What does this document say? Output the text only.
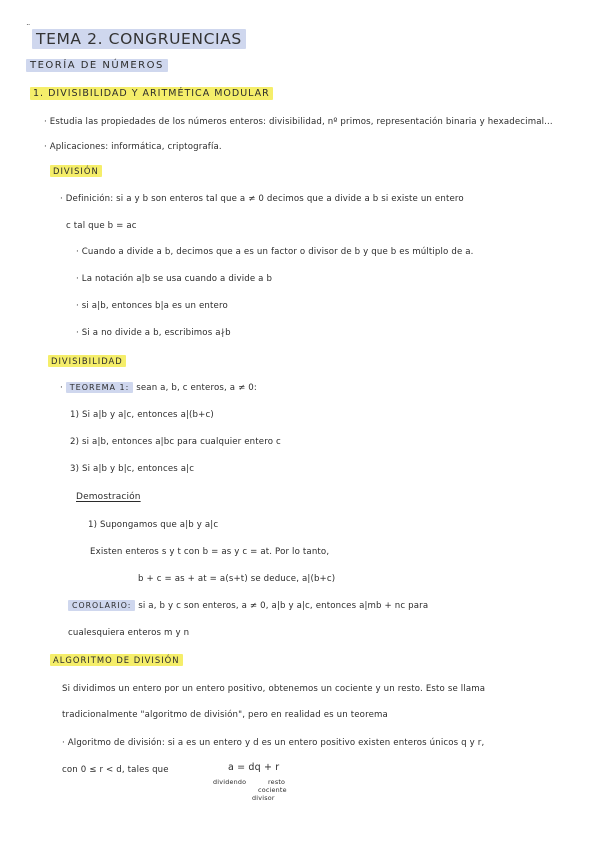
¨
TEMA 2. CONGRUENCIAS
TEORÍA DE NÚMEROS
1. DIVISIBILIDAD Y ARITMÉTICA MODULAR
· Estudia las propiedades de los números enteros: divisibilidad, nº primos, representación binaria y hexadecimal...
· Aplicaciones: informática, criptografía.
DIVISIÓN
· Definición: si a y b son enteros tal que a ≠ 0 decimos que a divide a b si existe un entero
c tal que b = ac
· Cuando a divide a b, decimos que a es un factor o divisor de b y que b es múltiplo de a.
· La notación a|b se usa cuando a divide a b
· si a|b, entonces b|a es un entero
· Si a no divide a b, escribimos a∤b
DIVISIBILIDAD
· TEOREMA 1: sean a, b, c enteros, a ≠ 0:
1) Si a|b y a|c, entonces a|(b+c)
2) si a|b, entonces a|bc para cualquier entero c
3) Si a|b y b|c, entonces a|c
Demostración
1) Supongamos que a|b y a|c
Existen enteros s y t con b = as y c = at. Por lo tanto,
b + c = as + at = a(s+t) se deduce, a|(b+c)
COROLARIO: si a, b y c son enteros, a ≠ 0, a|b y a|c, entonces a|mb + nc para
cualesquiera enteros m y n
ALGORITMO DE DIVISIÓN
Si dividimos un entero por un entero positivo, obtenemos un cociente y un resto. Esto se llama
tradicionalmente "algoritmo de división", pero en realidad es un teorema
· Algoritmo de división: si a es un entero y d es un entero positivo existen enteros únicos q y r,
con 0 ≤ r < d, tales que	a = dq + r
dividendo
cociente
resto
divisor
